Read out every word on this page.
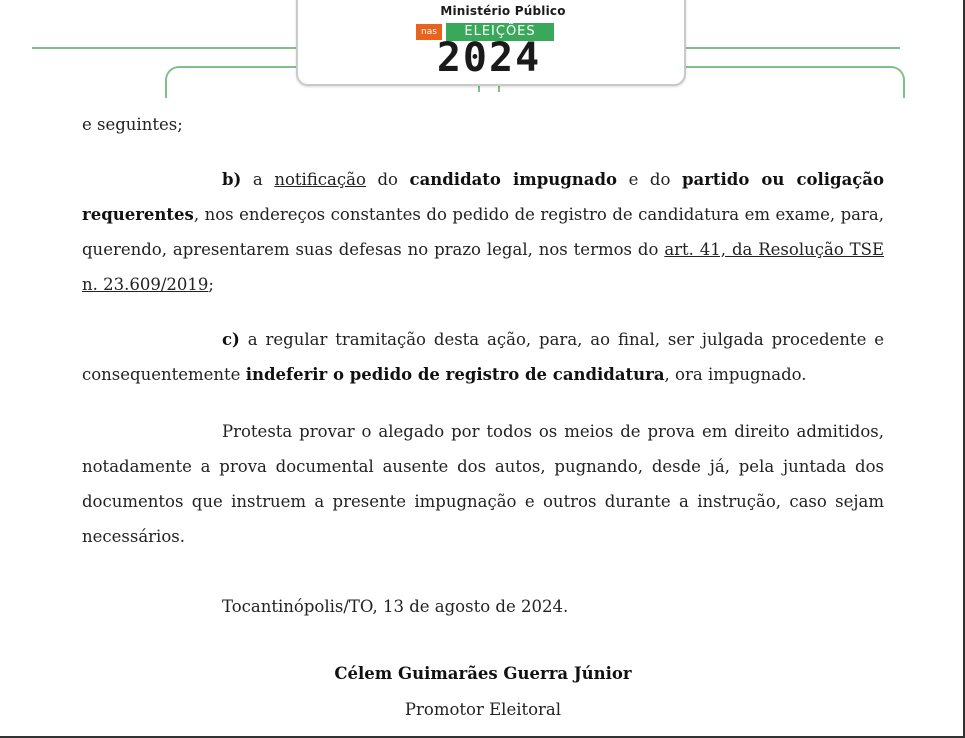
Ministério Público
nas	ELEIÇÕES
2024
e seguintes;
b) a notificação do candidato impugnado e do partido ou coligação requerentes, nos endereços constantes do pedido de registro de candidatura em exame, para, querendo, apresentarem suas defesas no prazo legal, nos termos do art. 41, da Resolução TSE n. 23.609/2019;
c) a regular tramitação desta ação, para, ao final, ser julgada procedente e consequentemente indeferir o pedido de registro de candidatura, ora impugnado.
Protesta provar o alegado por todos os meios de prova em direito admitidos, notadamente a prova documental ausente dos autos, pugnando, desde já, pela juntada dos documentos que instruem a presente impugnação e outros durante a instrução, caso sejam necessários.
Tocantinópolis/TO, 13 de agosto de 2024.
Célem Guimarães Guerra Júnior
Promotor Eleitoral
